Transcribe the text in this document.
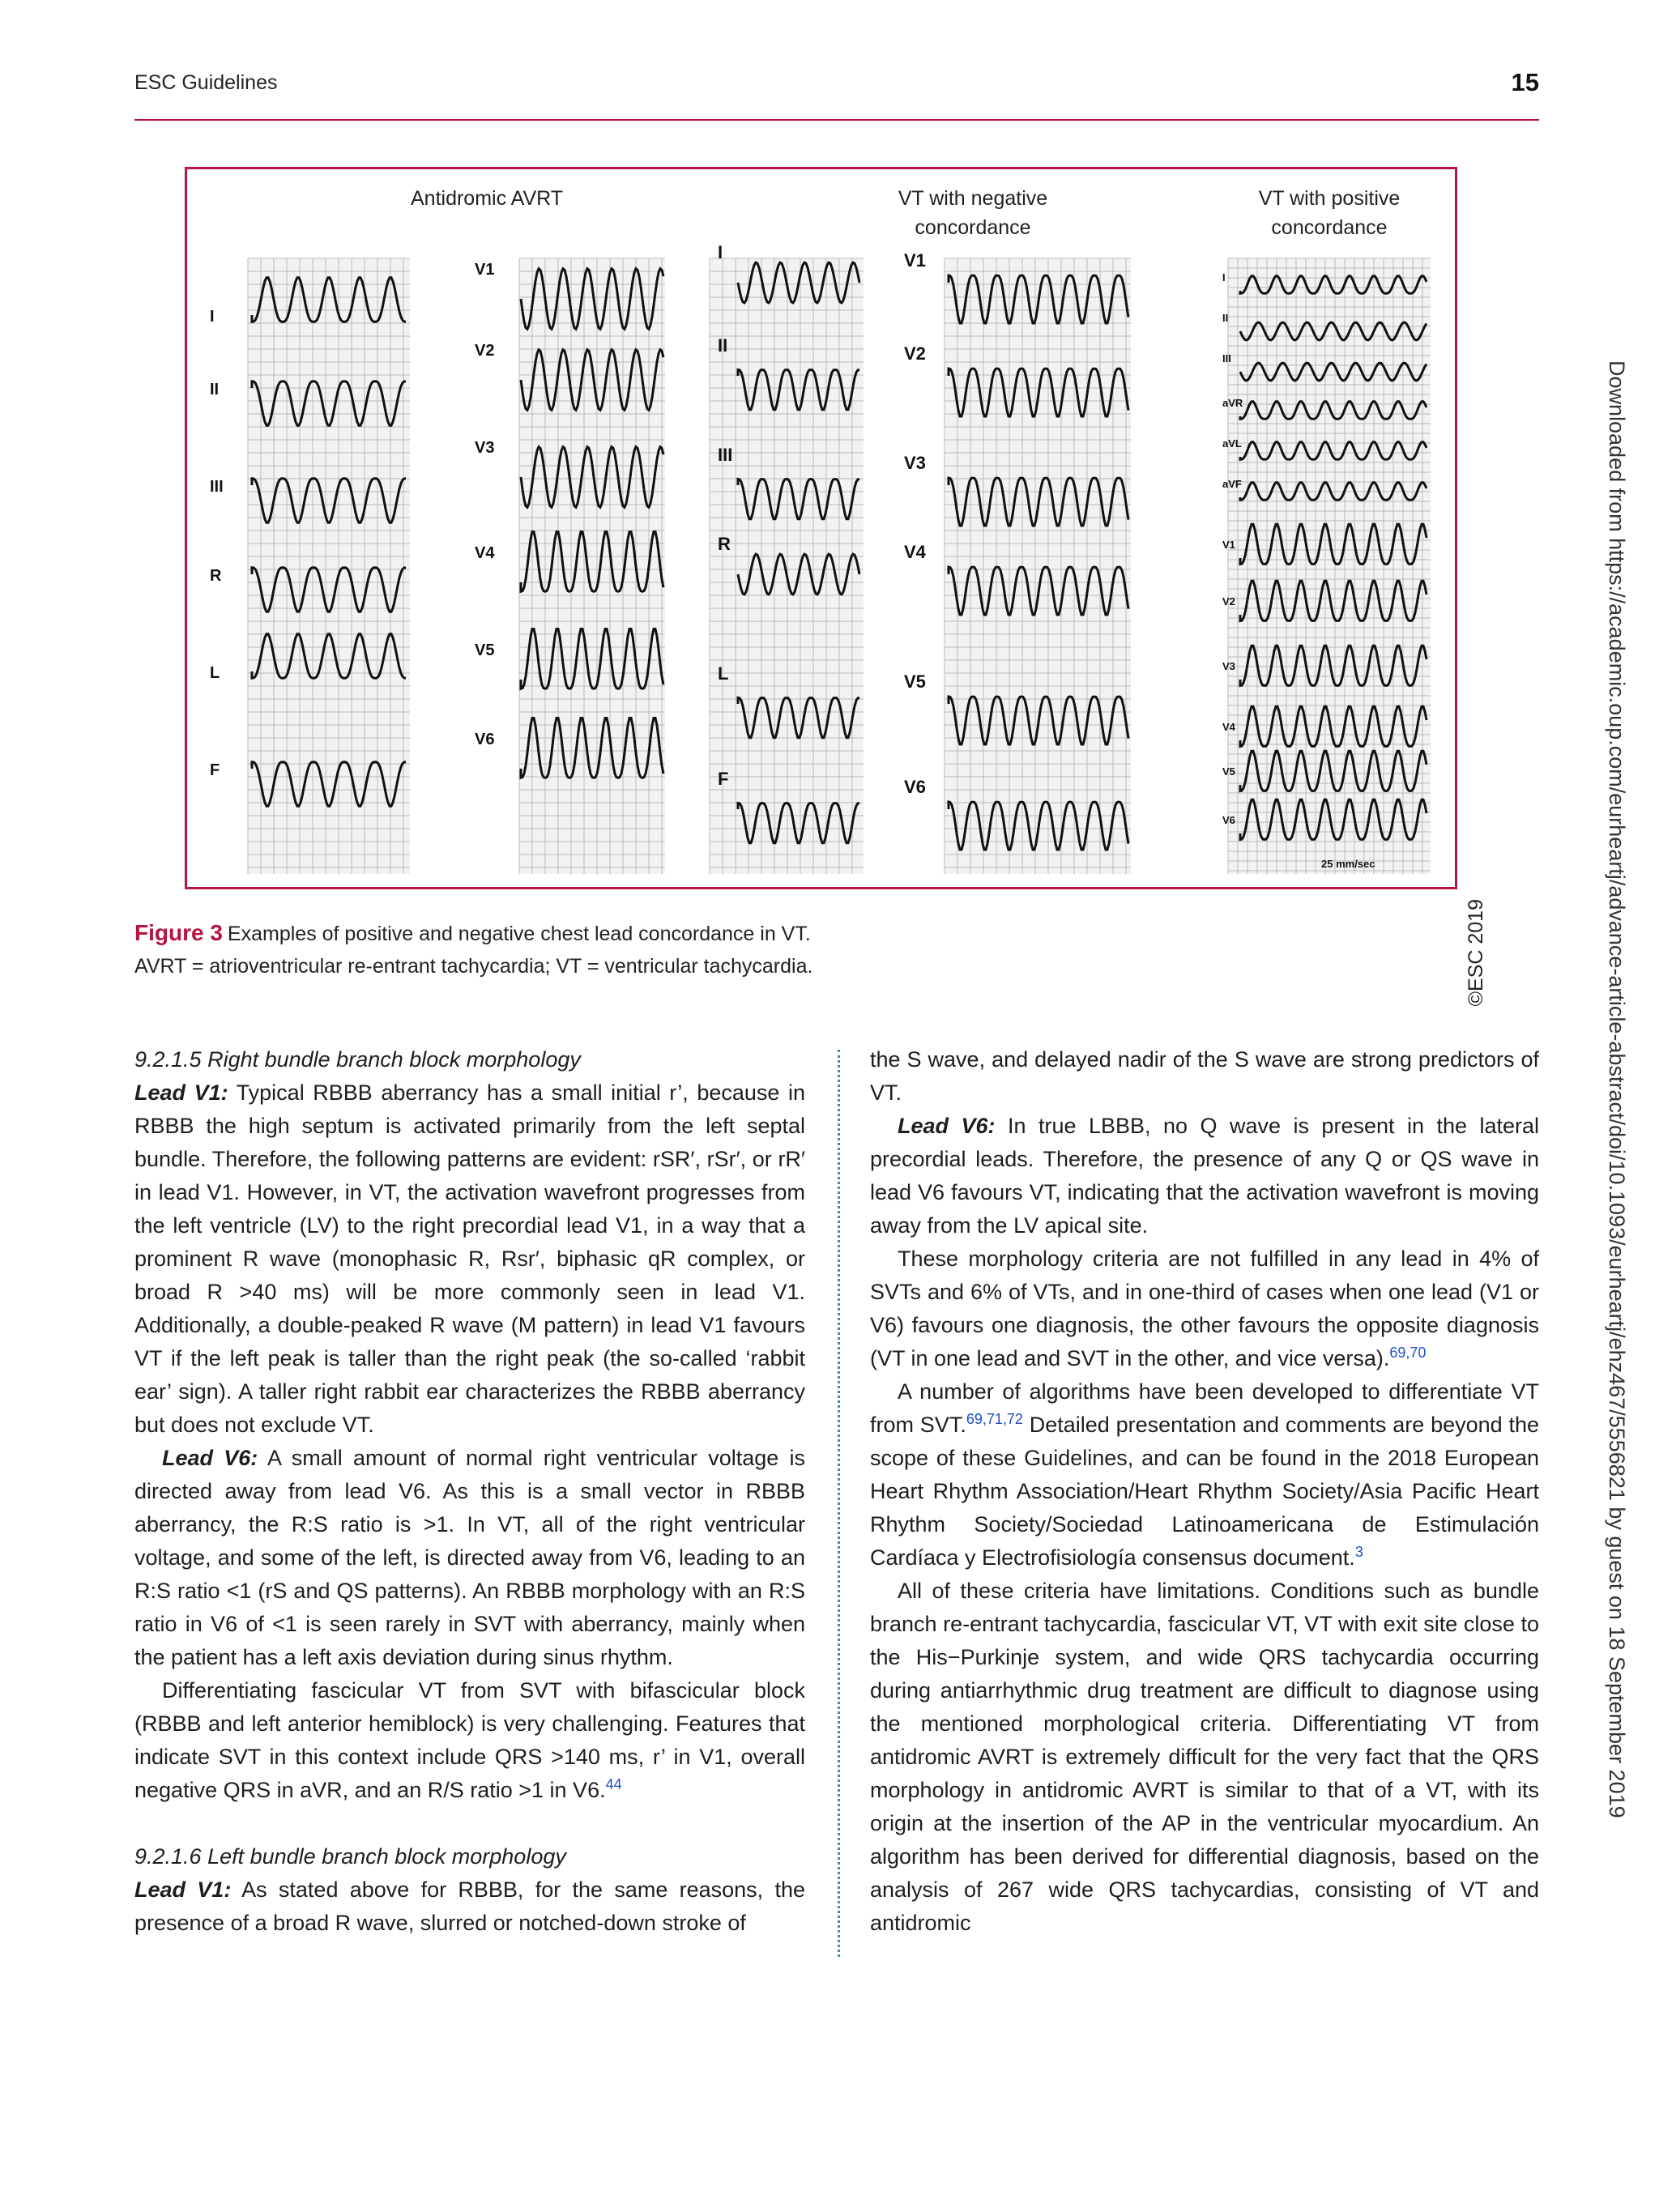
ESC Guidelines	15
Antidromic AVRT	VT with negative
concordance
VT with positive
concordance
I
II
III
R
L
F
V1
V2
V3
V4
V5
V6
I
II
III
R
L
F
V1
V2
V3
V4
V5
V6
I
II
III
aVR
aVL
aVF
V1
V2
V3
V4
V5
V6
25 mm/sec
©ESC 2019
Figure 3 Examples of positive and negative chest lead concordance in VT. AVRT = atrioventricular re-entrant tachycardia; VT = ventricular tachycardia.

9.2.1.5 Right bundle branch block morphology

Lead V1: Typical RBBB aberrancy has a small initial r’, because in RBBB the high septum is activated primarily from the left septal bundle. Therefore, the following patterns are evident: rSR′, rSr′, or rR′ in lead V1. However, in VT, the activation wavefront progresses from the left ventricle (LV) to the right precordial lead V1, in a way that a prominent R wave (monophasic R, Rsr′, biphasic qR complex, or broad R >40 ms) will be more commonly seen in lead V1. Additionally, a double-peaked R wave (M pattern) in lead V1 favours VT if the left peak is taller than the right peak (the so-called ‘rabbit ear’ sign). A taller right rabbit ear characterizes the RBBB aberrancy but does not exclude VT.

Lead V6: A small amount of normal right ventricular voltage is directed away from lead V6. As this is a small vector in RBBB aberrancy, the R:S ratio is >1. In VT, all of the right ventricular voltage, and some of the left, is directed away from V6, leading to an R:S ratio <1 (rS and QS patterns). An RBBB morphology with an R:S ratio in V6 of <1 is seen rarely in SVT with aberrancy, mainly when the patient has a left axis deviation during sinus rhythm.

Differentiating fascicular VT from SVT with bifascicular block (RBBB and left anterior hemiblock) is very challenging. Features that indicate SVT in this context include QRS >140 ms, r’ in V1, overall negative QRS in aVR, and an R/S ratio >1 in V6.44

9.2.1.6 Left bundle branch block morphology

Lead V1: As stated above for RBBB, for the same reasons, the presence of a broad R wave, slurred or notched-down stroke of

the S wave, and delayed nadir of the S wave are strong predictors of VT.

Lead V6: In true LBBB, no Q wave is present in the lateral precordial leads. Therefore, the presence of any Q or QS wave in lead V6 favours VT, indicating that the activation wavefront is moving away from the LV apical site.

These morphology criteria are not fulfilled in any lead in 4% of SVTs and 6% of VTs, and in one-third of cases when one lead (V1 or V6) favours one diagnosis, the other favours the opposite diagnosis (VT in one lead and SVT in the other, and vice versa).$^{69,70}$

A number of algorithms have been developed to differentiate VT from SVT.$^{69,71,72}$ Detailed presentation and comments are beyond the scope of these Guidelines, and can be found in the 2018 European Heart Rhythm Association/Heart Rhythm Society/Asia Pacific Heart Rhythm Society/Sociedad Latinoamericana de Estimulación Cardíaca y Electrofisiología consensus document.$^3$

All of these criteria have limitations. Conditions such as bundle branch re-entrant tachycardia, fascicular VT, VT with exit site close to the His−Purkinje system, and wide QRS tachycardia occurring during antiarrhythmic drug treatment are difficult to diagnose using the mentioned morphological criteria. Differentiating VT from antidromic AVRT is extremely difficult for the very fact that the QRS morphology in antidromic AVRT is similar to that of a VT, with its origin at the insertion of the AP in the ventricular myocardium. An algorithm has been derived for differential diagnosis, based on the analysis of 267 wide QRS tachycardias, consisting of VT and antidromic

Downloaded from https://academic.oup.com/eurheartj/advance-article-abstract/doi/10.1093/eurheartj/ehz467/5556821 by guest on 18 September 2019
